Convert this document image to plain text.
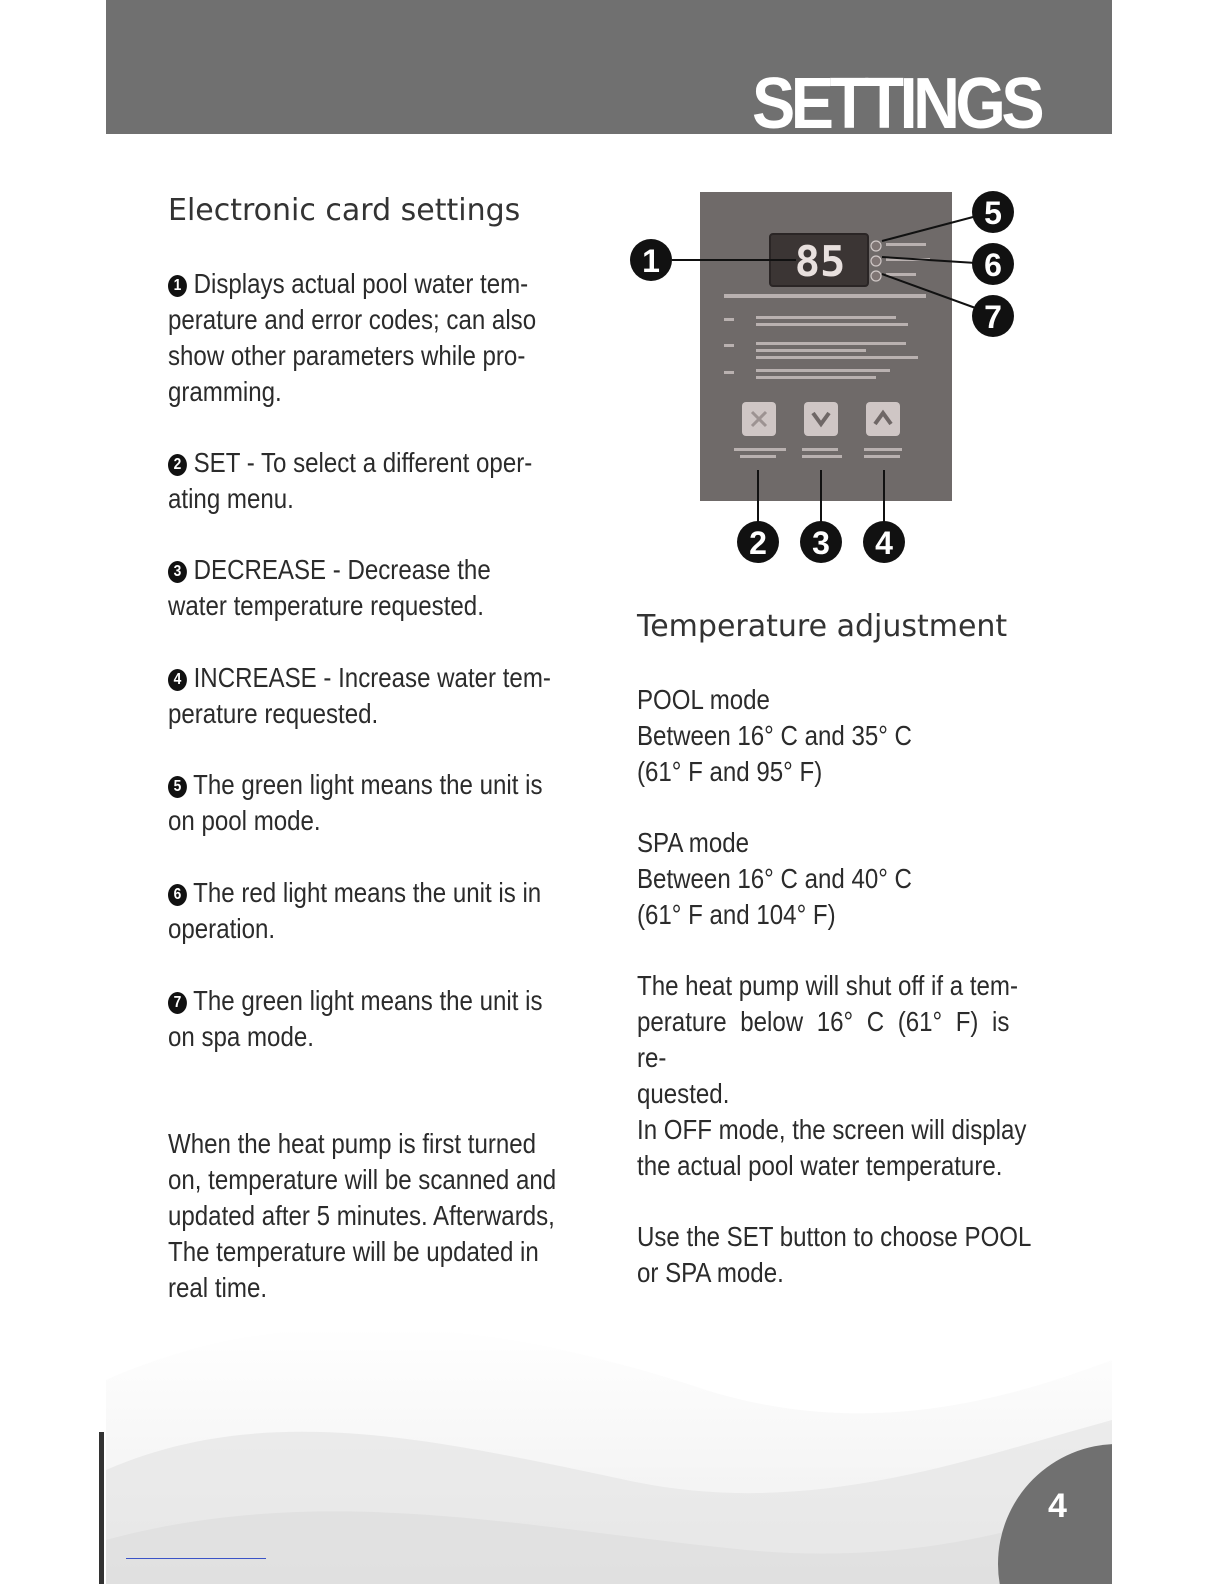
SETTINGS
Electronic card settings

1 Displays actual pool water tem-
perature and error codes; can also
show other parameters while pro-
gramming.

2 SET - To select a different oper-
ating menu.

3 DECREASE - Decrease the
water temperature requested.

4 INCREASE - Increase water tem-
perature requested.

5 The green light means the unit is
on pool mode.

6 The red light means the unit is in
operation.

7 The green light means the unit is
on spa mode.

When the heat pump is first turned
on, temperature will be scanned and
updated after 5 minutes. Afterwards,
The temperature will be updated in
real time.

85
1
5
6
7
2 3 4
Temperature adjustment

POOL mode
Between 16° C and 35° C
(61° F and 95° F)

SPA mode
Between 16° C and 40° C
(61° F and 104° F)

The heat pump will shut off if a tem-
perature below 16° C (61° F) is re-
quested.

In OFF mode, the screen will display
the actual pool water temperature.

Use the SET button to choose POOL
or SPA mode.

4
